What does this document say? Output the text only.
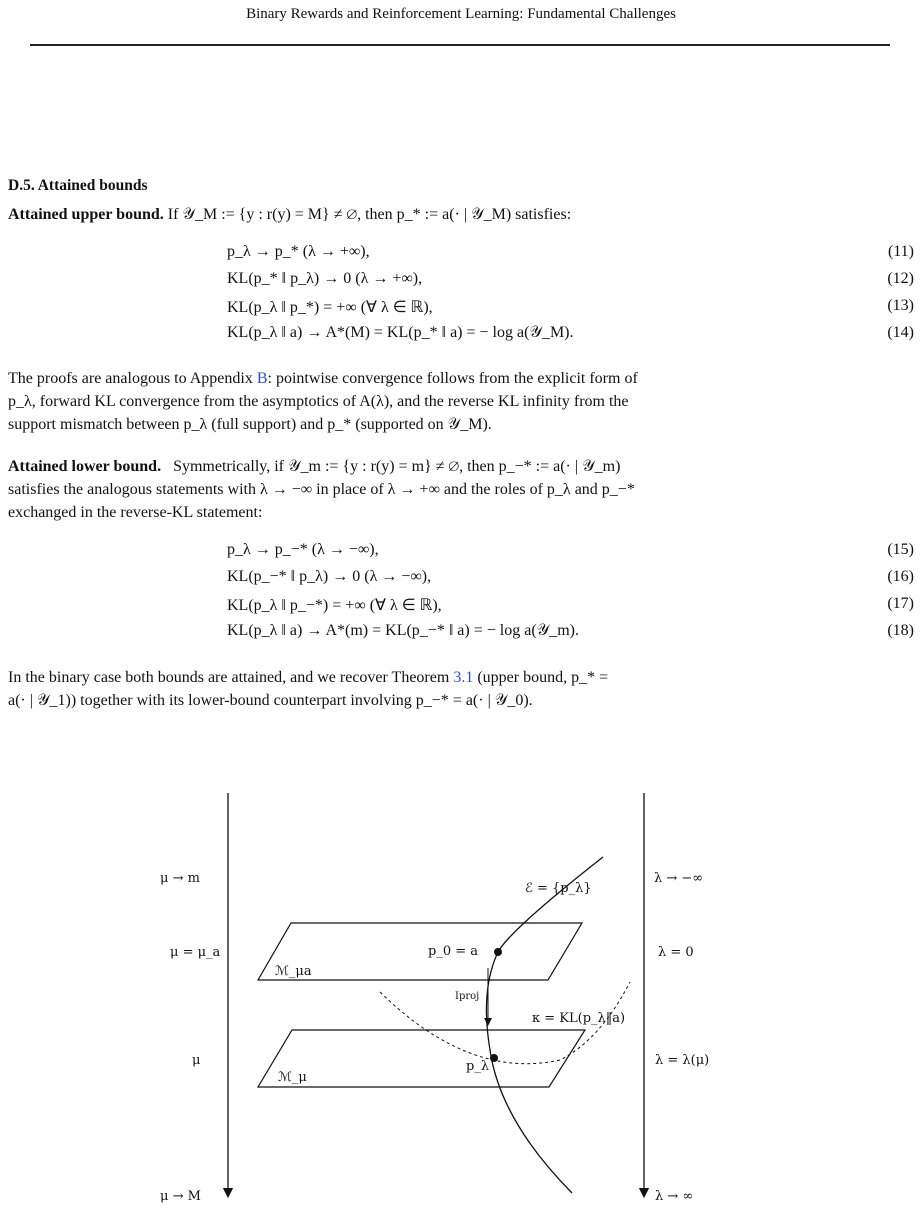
Binary Rewards and Reinforcement Learning: Fundamental Challenges
D.5. Attained bounds
Attained upper bound. If 𝒴_M := {y : r(y) = M} ≠ ∅, then p_* := a(· | 𝒴_M) satisfies:
p_λ → p_* (λ → +∞),	(11)
KL(p_* ‖ p_λ) → 0 (λ → +∞),	(12)
KL(p_λ ‖ p_*) = +∞ (∀ λ ∈ ℝ),	(13)
KL(p_λ ‖ a) → A*(M) = KL(p_* ‖ a) = − log a(𝒴_M).	(14)
The proofs are analogous to Appendix B: pointwise convergence follows from the explicit form of
p_λ, forward KL convergence from the asymptotics of A(λ), and the reverse KL infinity from the
support mismatch between p_λ (full support) and p_* (supported on 𝒴_M).
Attained lower bound. Symmetrically, if 𝒴_m := {y : r(y) = m} ≠ ∅, then p_−* := a(· | 𝒴_m)
satisfies the analogous statements with λ → −∞ in place of λ → +∞ and the roles of p_λ and p_−*
exchanged in the reverse-KL statement:
p_λ → p_−* (λ → −∞),	(15)
KL(p_−* ‖ p_λ) → 0 (λ → −∞),	(16)
KL(p_λ ‖ p_−*) = +∞ (∀ λ ∈ ℝ),	(17)
KL(p_λ ‖ a) → A*(m) = KL(p_−* ‖ a) = − log a(𝒴_m).	(18)
In the binary case both bounds are attained, and we recover Theorem 3.1 (upper bound, p_* =
a(· | 𝒴_1)) together with its lower-bound counterpart involving p_−* = a(· | 𝒴_0).
μ → m
μ = μ_a
μ
μ → M
λ → −∞
λ = 0
λ = λ(μ)
λ → ∞
ℰ = {p_λ}
ℳ_μa
ℳ_μ
p_0 = a
p_λ
Iproj
κ = KL(p_λ‖a)
